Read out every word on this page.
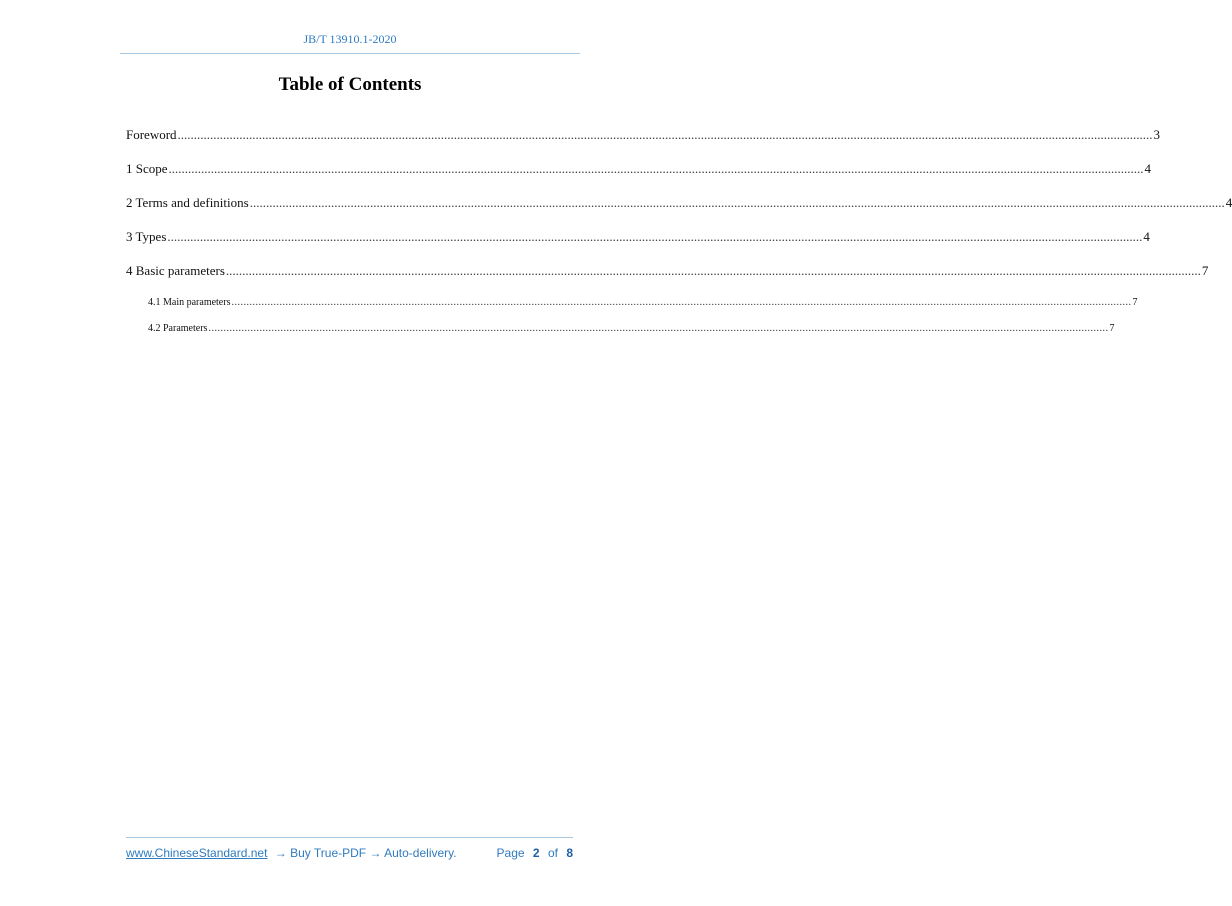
JB/T 13910.1-2020
Table of Contents
Foreword ............................................................................................................................................................................................................................................................................................................ 3
1 Scope ............................................................................................................................................................................................................................................................................................................ 4
2 Terms and definitions ............................................................................................................................................................................................................................................................................................................ 4
3 Types ............................................................................................................................................................................................................................................................................................................ 4
4 Basic parameters ............................................................................................................................................................................................................................................................................................................ 7
4.1 Main parameters ............................................................................................................................................................................................................................................................................................................ 7
4.2 Parameters ............................................................................................................................................................................................................................................................................................................ 7
www.ChineseStandard.net → Buy True-PDF → Auto-delivery.	Page 2 of 8
